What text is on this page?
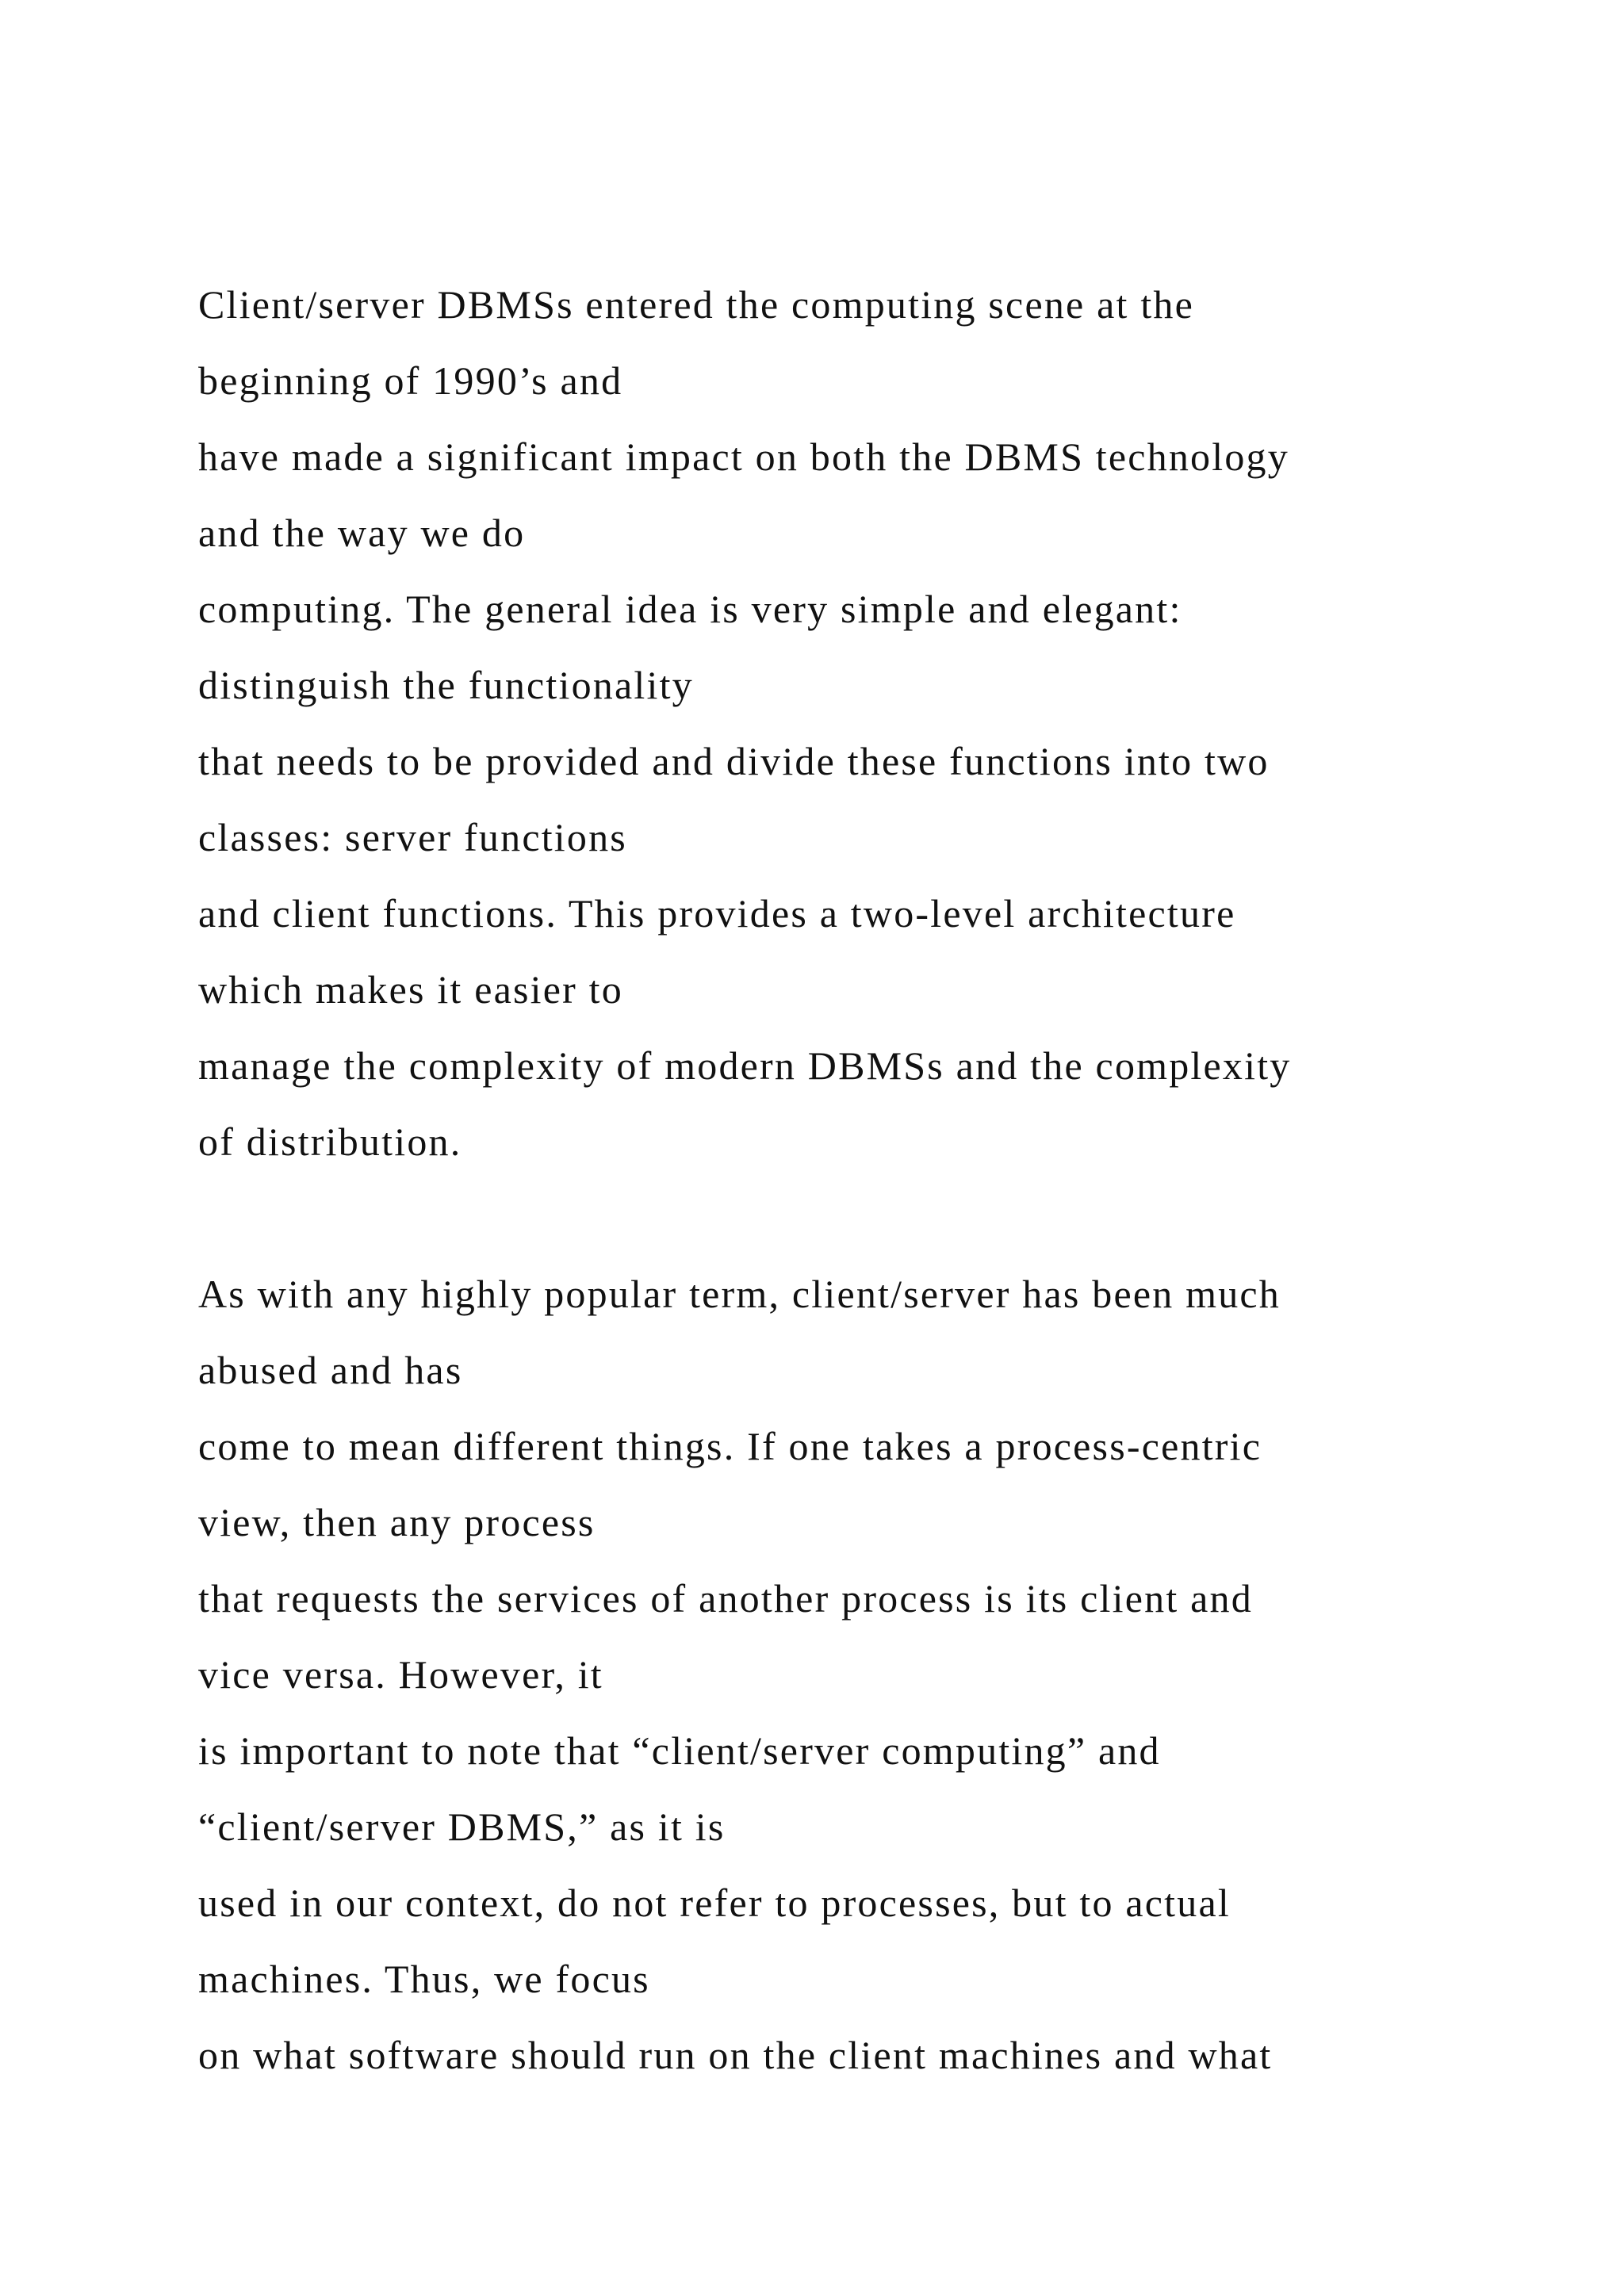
Client/server DBMSs entered the computing scene at the
beginning of 1990’s and
have made a significant impact on both the DBMS technology
and the way we do
computing. The general idea is very simple and elegant:
distinguish the functionality
that needs to be provided and divide these functions into two
classes: server functions
and client functions. This provides a two-level architecture
which makes it easier to
manage the complexity of modern DBMSs and the complexity
of distribution.
As with any highly popular term, client/server has been much
abused and has
come to mean different things. If one takes a process-centric
view, then any process
that requests the services of another process is its client and
vice versa. However, it
is important to note that “client/server computing” and
“client/server DBMS,” as it is
used in our context, do not refer to processes, but to actual
machines. Thus, we focus
on what software should run on the client machines and what
